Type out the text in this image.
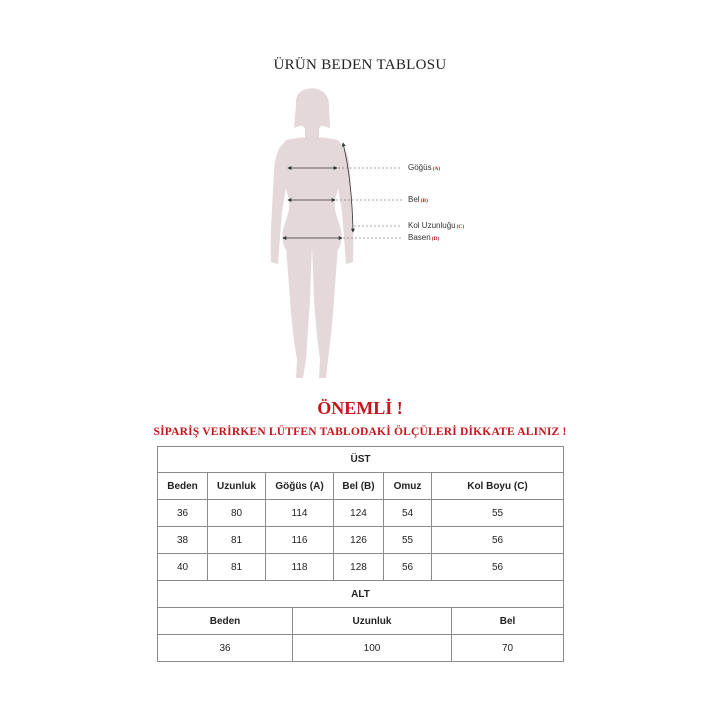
ÜRÜN BEDEN TABLOSU
Göğüs(A)
Bel(B)
Kol Uzunluğu(C)
Basen(D)
ÖNEMLİ !
SİPARİŞ VERİRKEN LÜTFEN TABLODAKİ ÖLÇÜLERİ DİKKATE ALINIZ !
ÜST					
Beden	Uzunluk	Göğüs (A)	Bel (B)	Omuz	Kol Boyu (C)
36	80	114	124	54	55
38	81	116	126	55	56
40	81	118	128	56	56
ALT		
Beden	Uzunluk	Bel
36	100	70
